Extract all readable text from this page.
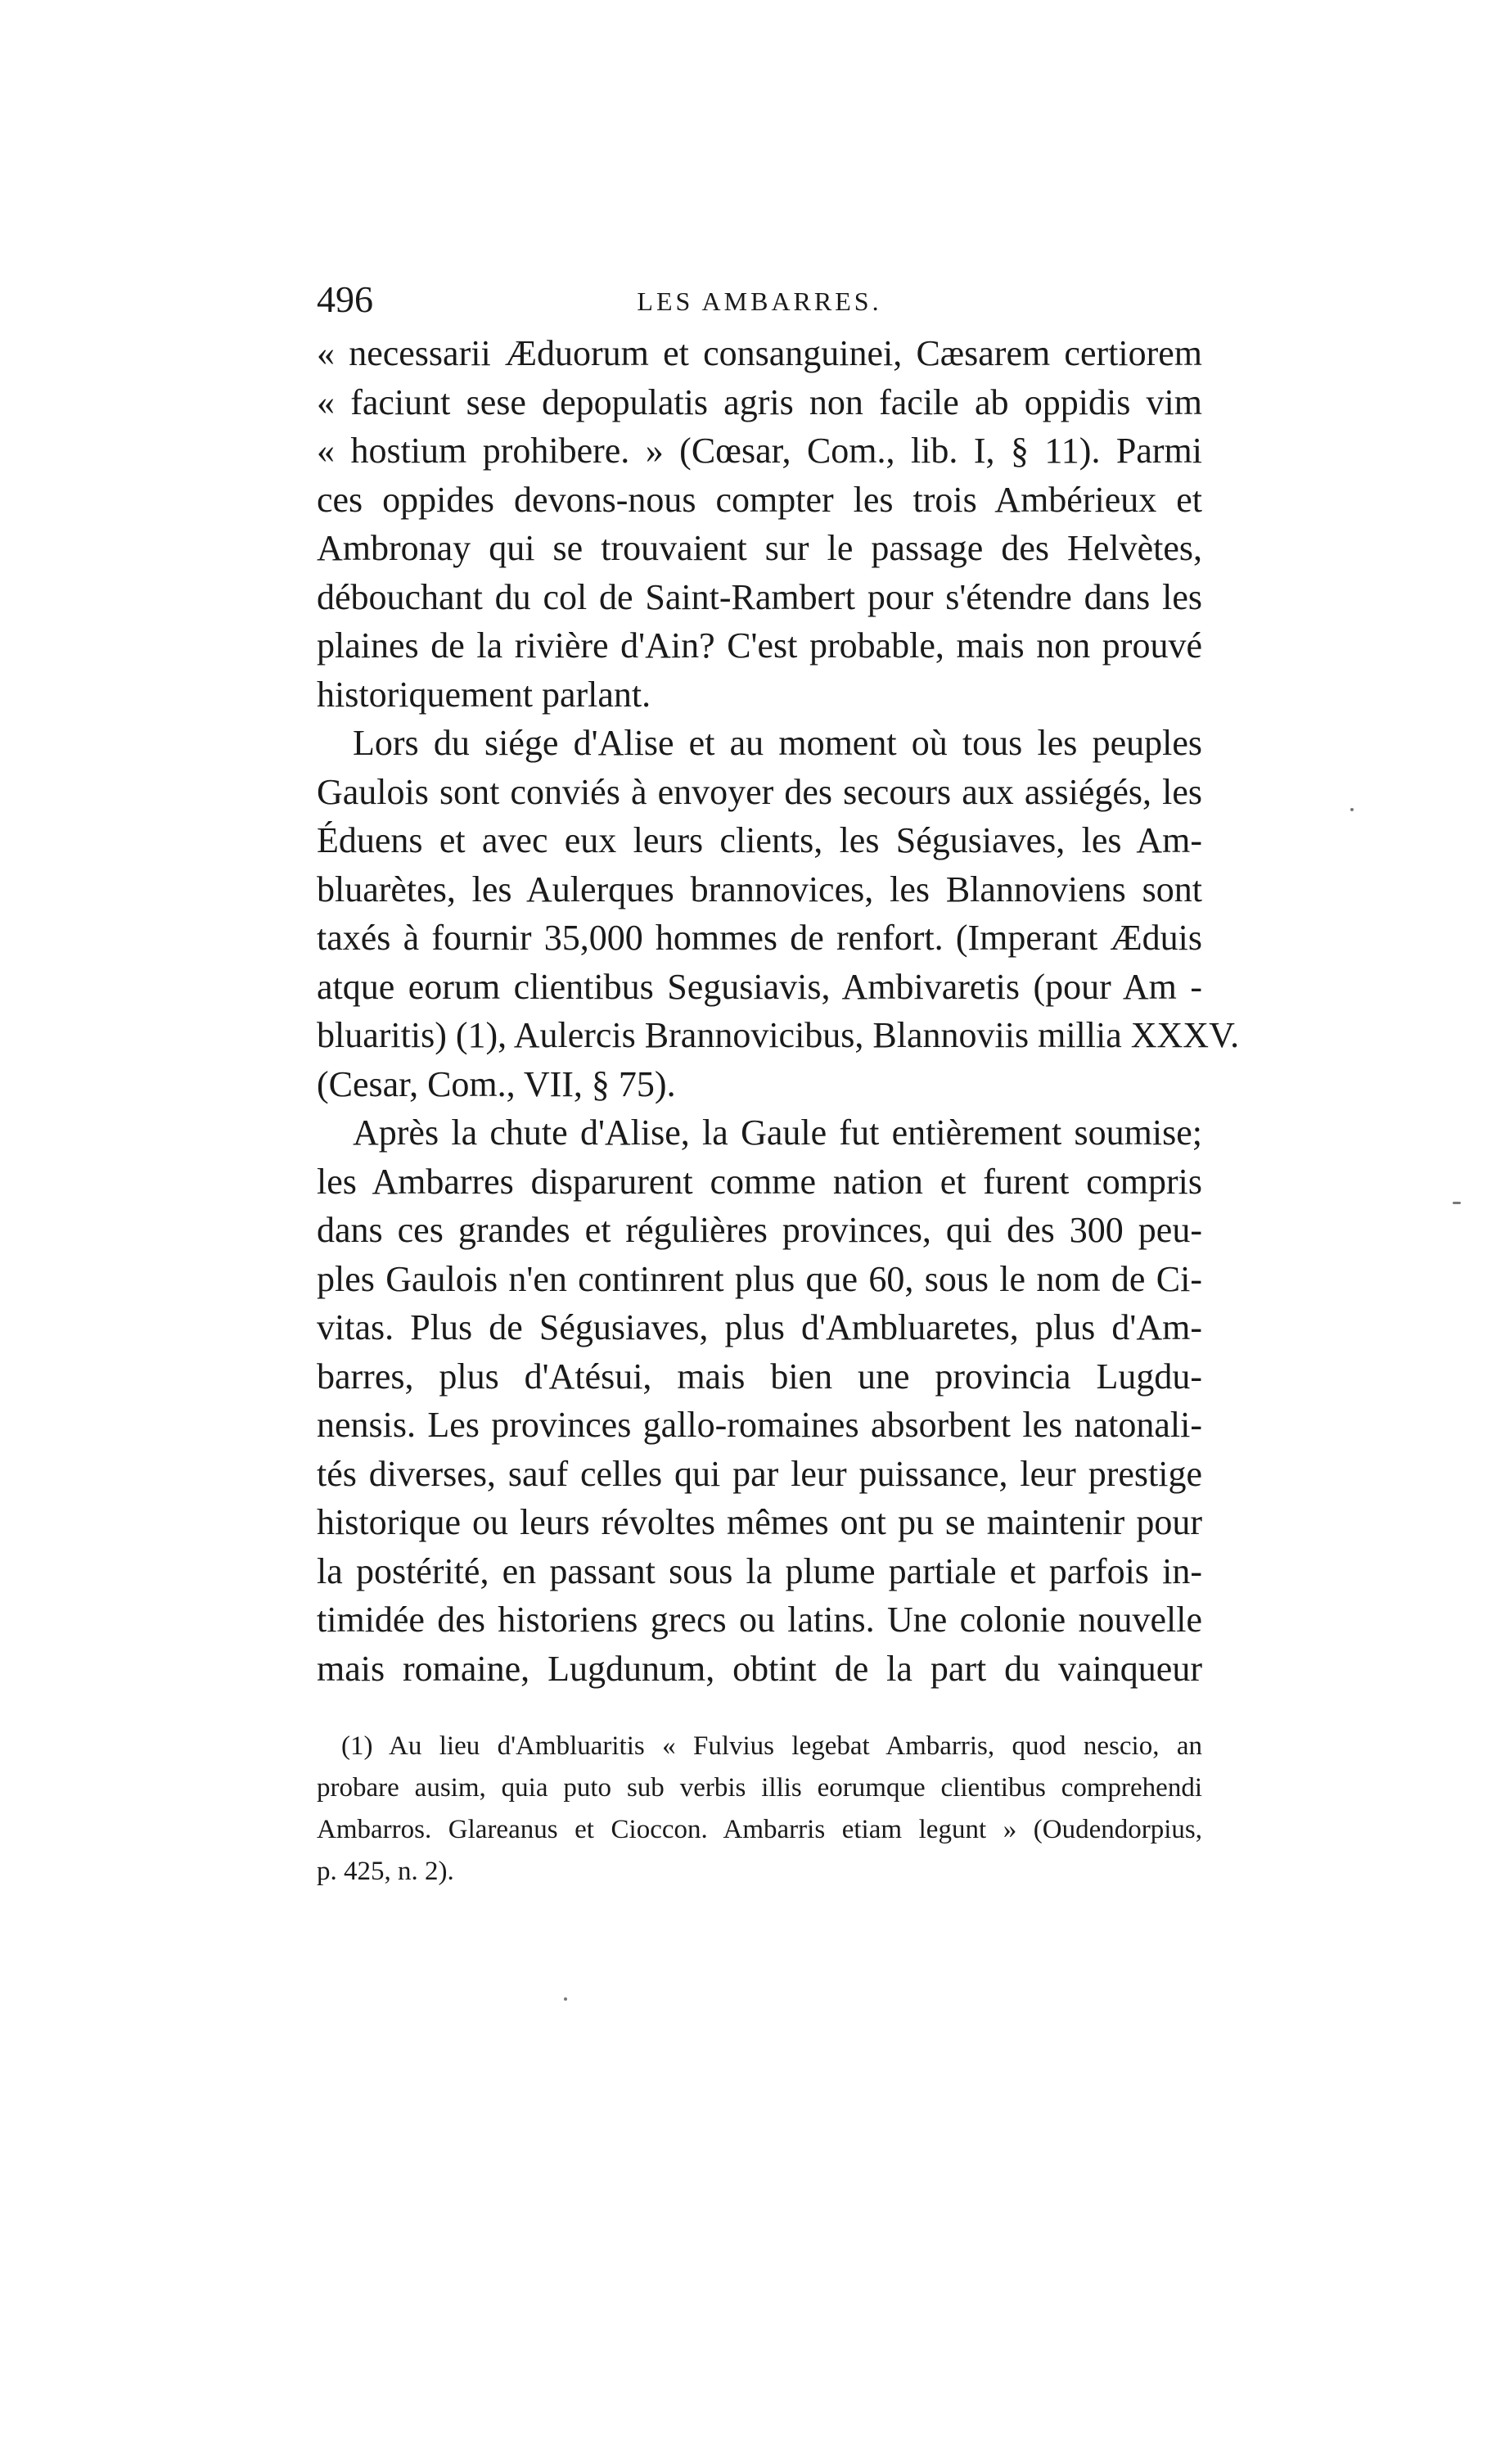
496	LES AMBARRES.
« necessarii Æduorum et consanguinei, Cæsarem certiorem
« faciunt sese depopulatis agris non facile ab oppidis vim
« hostium prohibere. » (Cœsar, Com., lib. I, § 11). Parmi
ces oppides devons-nous compter les trois Ambérieux et
Ambronay qui se trouvaient sur le passage des Helvètes,
débouchant du col de Saint-Rambert pour s'étendre dans les
plaines de la rivière d'Ain? C'est probable, mais non prouvé
historiquement parlant.
Lors du siége d'Alise et au moment où tous les peuples
Gaulois sont conviés à envoyer des secours aux assiégés, les
Éduens et avec eux leurs clients, les Ségusiaves, les Am-
bluarètes, les Aulerques brannovices, les Blannoviens sont
taxés à fournir 35,000 hommes de renfort. (Imperant Æduis
atque eorum clientibus Segusiavis, Ambivaretis (pour Am -
bluaritis) (1), Aulercis Brannovicibus, Blannoviis millia XXXV.
(Cesar, Com., VII, § 75).
Après la chute d'Alise, la Gaule fut entièrement soumise;
les Ambarres disparurent comme nation et furent compris
dans ces grandes et régulières provinces, qui des 300 peu-
ples Gaulois n'en continrent plus que 60, sous le nom de Ci-
vitas. Plus de Ségusiaves, plus d'Ambluaretes, plus d'Am-
barres, plus d'Atésui, mais bien une provincia Lugdu-
nensis. Les provinces gallo-romaines absorbent les natonali-
tés diverses, sauf celles qui par leur puissance, leur prestige
historique ou leurs révoltes mêmes ont pu se maintenir pour
la postérité, en passant sous la plume partiale et parfois in-
timidée des historiens grecs ou latins. Une colonie nouvelle
mais romaine, Lugdunum, obtint de la part du vainqueur
(1) Au lieu d'Ambluaritis « Fulvius legebat Ambarris, quod nescio, an
probare ausim, quia puto sub verbis illis eorumque clientibus comprehendi
Ambarros. Glareanus et Cioccon. Ambarris etiam legunt » (Oudendorpius,
p. 425, n. 2).
